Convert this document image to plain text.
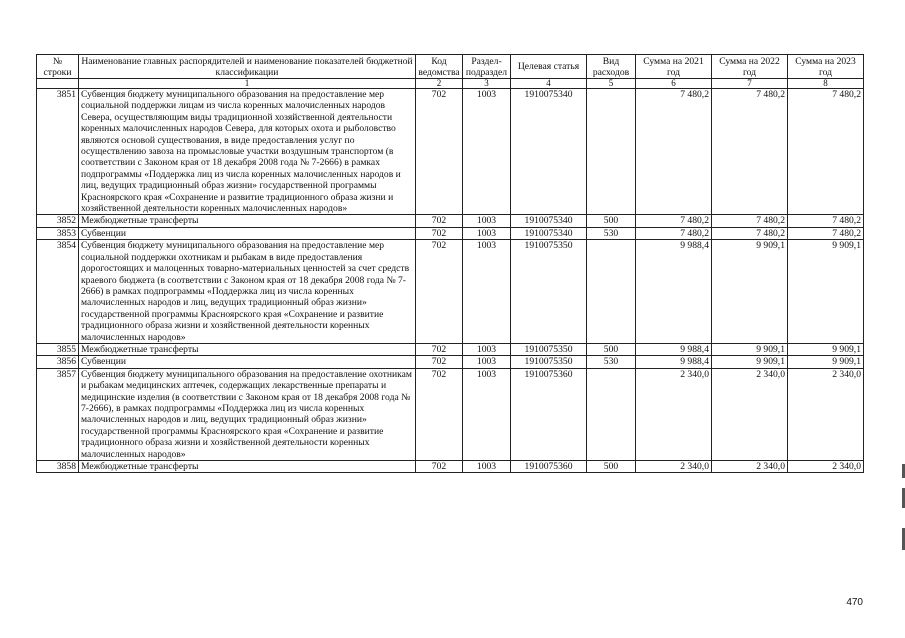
№ строки	Наименование главных распорядителей и наименование показателей бюджетной классификации	Код ведомства	Раздел-подраздел	Целевая статья	Вид расходов	Сумма на 2021 год	Сумма на 2022 год	Сумма на 2023 год
	1	2	3	4	5	6	7	8
3851	Субвенция бюджету муниципального образования на предоставление мер социальной поддержки лицам из числа коренных малочисленных народов Севера, осуществляющим виды традиционной хозяйственной деятельности коренных малочисленных народов Севера, для которых охота и рыболовство являются основой существования, в виде предоставления услуг по осуществлению завоза на промысловые участки воздушным транспортом (в соответствии с Законом края от 18 декабря 2008 года № 7-2666) в рамках подпрограммы «Поддержка лиц из числа коренных малочисленных народов и лиц, ведущих традиционный образ жизни» государственной программы Красноярского края «Сохранение и развитие традиционного образа жизни и хозяйственной деятельности коренных малочисленных народов»	702	1003	1910075340		7 480,2	7 480,2	7 480,2
3852	Межбюджетные трансферты	702	1003	1910075340	500	7 480,2	7 480,2	7 480,2
3853	Субвенции	702	1003	1910075340	530	7 480,2	7 480,2	7 480,2
3854	Субвенция бюджету муниципального образования на предоставление мер социальной поддержки охотникам и рыбакам в виде предоставления дорогостоящих и малоценных товарно-материальных ценностей за счет средств краевого бюджета (в соответствии с Законом края от 18 декабря 2008 года № 7-2666) в рамках подпрограммы «Поддержка лиц из числа коренных малочисленных народов и лиц, ведущих традиционный образ жизни» государственной программы Красноярского края «Сохранение и развитие традиционного образа жизни и хозяйственной деятельности коренных малочисленных народов»	702	1003	1910075350		9 988,4	9 909,1	9 909,1
3855	Межбюджетные трансферты	702	1003	1910075350	500	9 988,4	9 909,1	9 909,1
3856	Субвенции	702	1003	1910075350	530	9 988,4	9 909,1	9 909,1
3857	Субвенция бюджету муниципального образования на предоставление охотникам и рыбакам медицинских аптечек, содержащих лекарственные препараты и медицинские изделия (в соответствии с Законом края от 18 декабря 2008 года № 7-2666), в рамках подпрограммы «Поддержка лиц из числа коренных малочисленных народов и лиц, ведущих традиционный образ жизни» государственной программы Красноярского края «Сохранение и развитие традиционного образа жизни и хозяйственной деятельности коренных малочисленных народов»	702	1003	1910075360		2 340,0	2 340,0	2 340,0
3858	Межбюджетные трансферты	702	1003	1910075360	500	2 340,0	2 340,0	2 340,0
470
